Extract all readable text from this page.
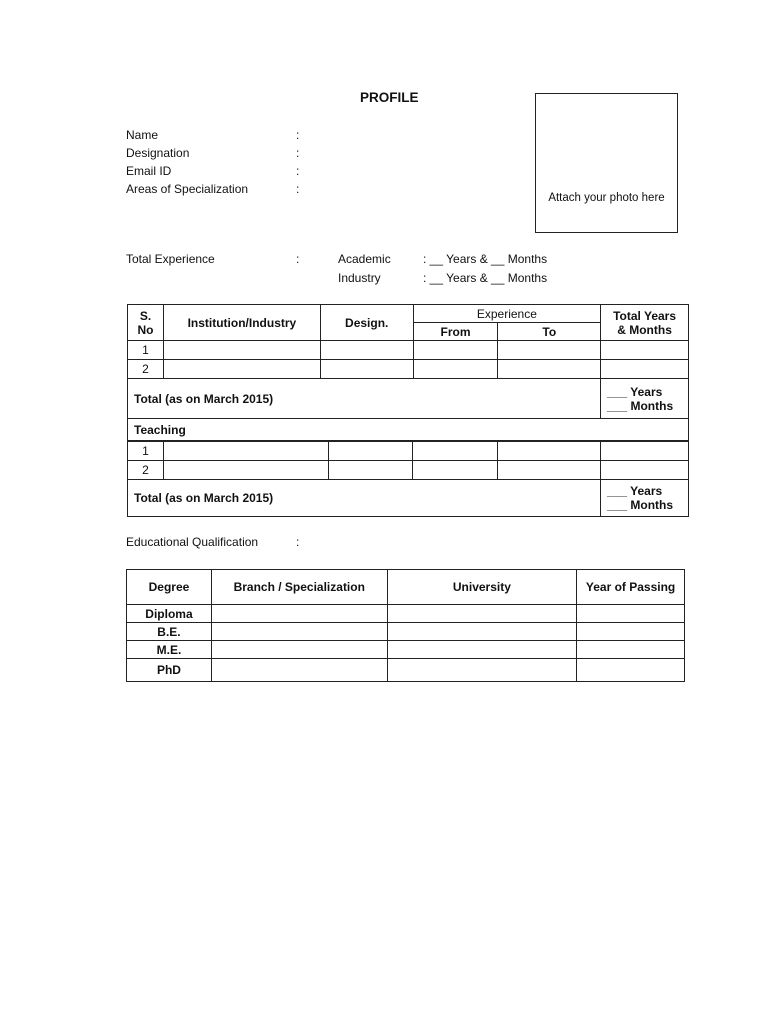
PROFILE
Attach your photo here
Name	:
Designation	:
Email ID	:
Areas of Specialization	:
Total Experience	:	Academic	: __ Years & __ Months
Industry	: __ Years & __ Months
S. No	Institution/Industry	Design.	Experience		Total Years & Months
			From	To	
1					
2					
Total (as on March 2015)					___ Years
___ Months

Teaching					
1					
2					
Total (as on March 2015)					___ Years
___ Months
Educational Qualification	:
Degree	Branch / Specialization	University	Year of Passing
Diploma			
B.E.			
M.E.			
PhD			
